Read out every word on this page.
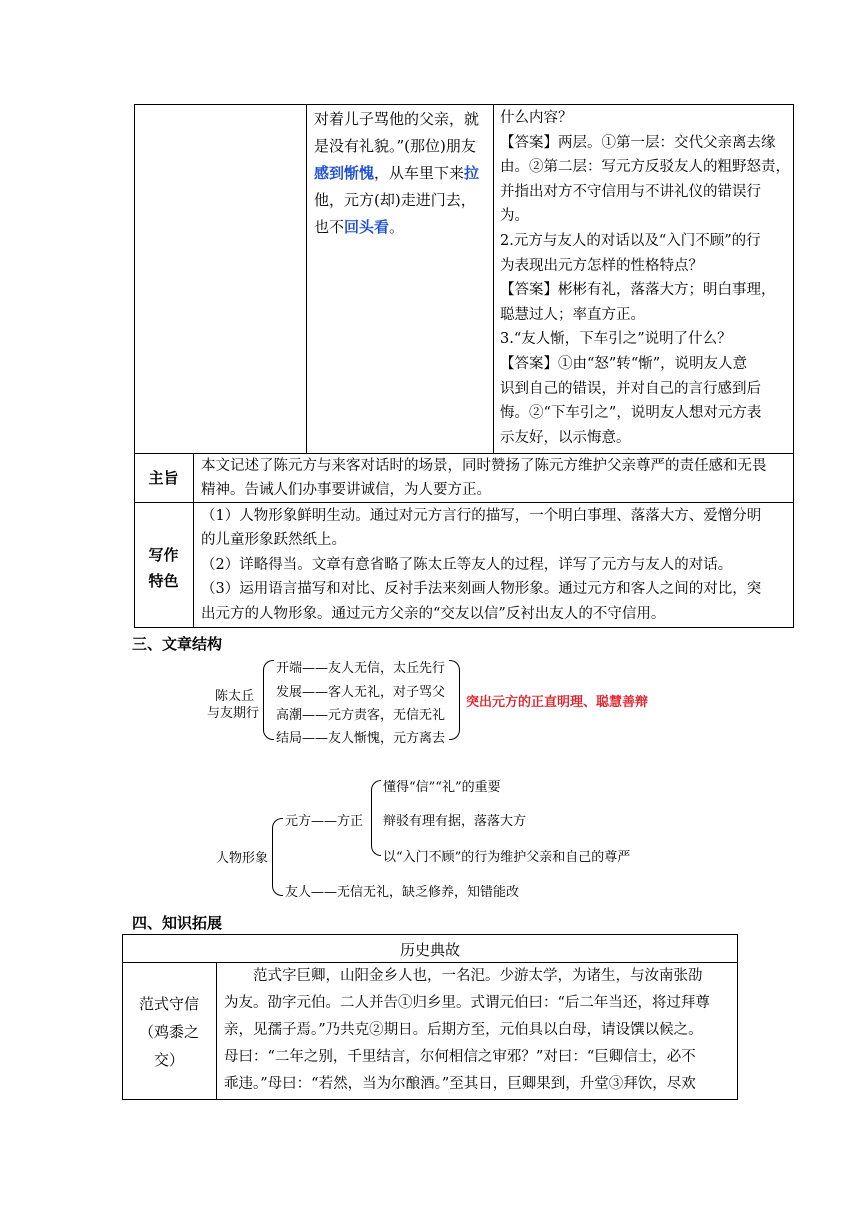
对着儿子骂他的父亲，就是没有礼貌。”(那位)朋友感到惭愧，从车里下来拉他，元方(却)走进门去，也不回头看。
什么内容？
【答案】两层。①第一层：交代父亲离去缘
由。②第二层：写元方反驳友人的粗野怒责，
并指出对方不守信用与不讲礼仪的错误行
为。
2.元方与友人的对话以及“入门不顾”的行
为表现出元方怎样的性格特点？
【答案】彬彬有礼，落落大方；明白事理，
聪慧过人；率直方正。
3.“友人惭，下车引之”说明了什么？
【答案】①由“怒”转“惭”，说明友人意
识到自己的错误，并对自己的言行感到后
悔。②“下车引之”，说明友人想对元方表
示友好，以示悔意。
主旨
本文记述了陈元方与来客对话时的场景，同时赞扬了陈元方维护父亲尊严的责任感和无畏
精神。告诫人们办事要讲诚信，为人要方正。
写作
特色
（1）人物形象鲜明生动。通过对元方言行的描写，一个明白事理、落落大方、爱憎分明
的儿童形象跃然纸上。
（2）详略得当。文章有意省略了陈太丘等友人的过程，详写了元方与友人的对话。
（3）运用语言描写和对比、反衬手法来刻画人物形象。通过元方和客人之间的对比，突
出元方的人物形象。通过元方父亲的“交友以信”反衬出友人的不守信用。
三、文章结构
陈太丘
与友期行
开端——友人无信，太丘先行
发展——客人无礼，对子骂父
高潮——元方责客，无信无礼
结局——友人惭愧，元方离去
突出元方的正直明理、聪慧善辩
人物形象
元方——方正
懂得“信”“礼”的重要
辩驳有理有据，落落大方
以“入门不顾”的行为维护父亲和自己的尊严
友人——无信无礼，缺乏修养，知错能改
四、知识拓展
历史典故
范式守信
（鸡黍之
交）
　　范式字巨卿，山阳金乡人也，一名汜。少游太学，为诸生，与汝南张劭
为友。劭字元伯。二人并告①归乡里。式谓元伯曰：“后二年当还，将过拜尊
亲，见孺子焉。”乃共克②期日。后期方至，元伯具以白母，请设馔以候之。
母曰：“二年之别，千里结言，尔何相信之审邪？”对曰：“巨卿信士，必不
乖违。”母曰：“若然，当为尔酿酒。”至其日，巨卿果到，升堂③拜饮，尽欢
